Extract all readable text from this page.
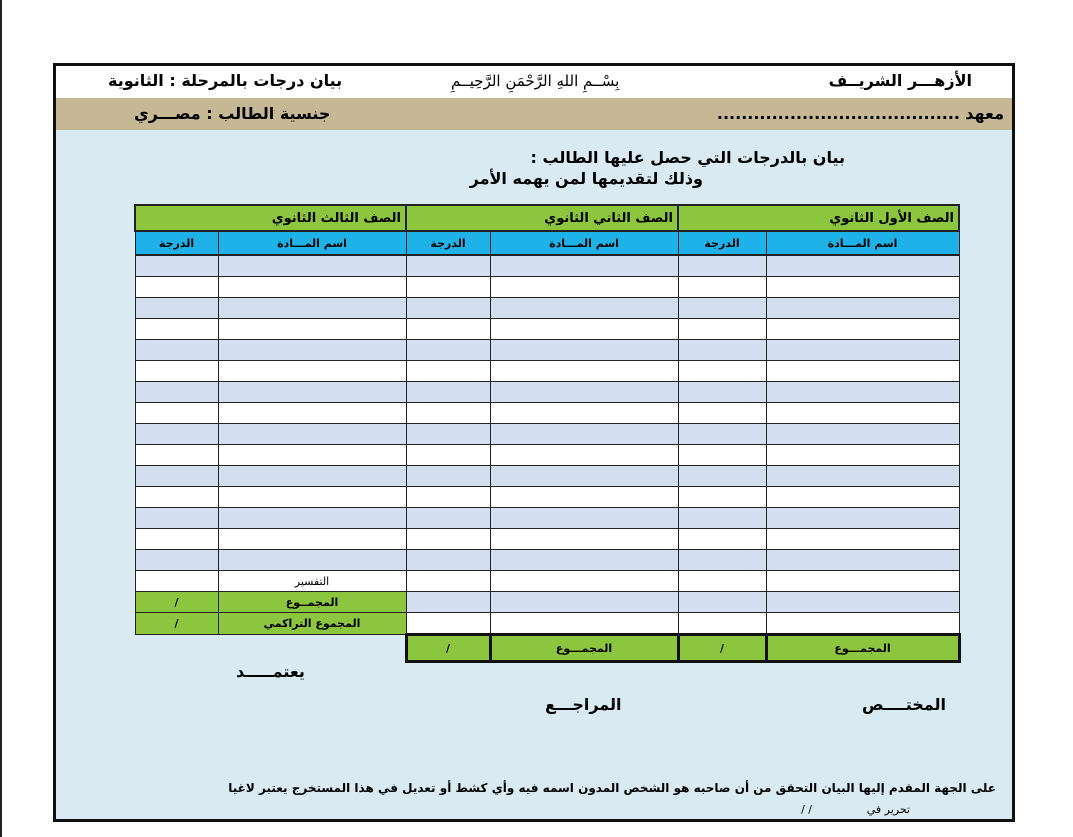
الأزهـــر الشريــف
بِسْــمِ اللهِ الرَّحْمَنِ الرَّحِيــمِ
بيان درجات بالمرحلة : الثانوية
معهد
........................................
جنسية الطالب : مصـــري
بيان بالدرجات التي حصل عليها الطالب :
وذلك لتقديمها لمن يهمه الأمر
الصف الثالث الثانوي		الصف الثاني الثانوي		الصف الأول الثانوي	
الدرجة	اسم المـــادة	الدرجة	اسم المـــادة	الدرجة	اسم المـــادة

	التفسير				
/	المجمــوع				
/	المجموع التراكمي				
		/	المجمـــوع	/	المجمـــوع
يعتمـــــد
المراجـــع	المختــــص
على الجهة المقدم إليها البيان التحقق من أن صاحبه هو الشخص المدون اسمه فيه وأي كشط أو تعديل في هذا المستخرج يعتبر لاغيا
تحرير في
/ /
